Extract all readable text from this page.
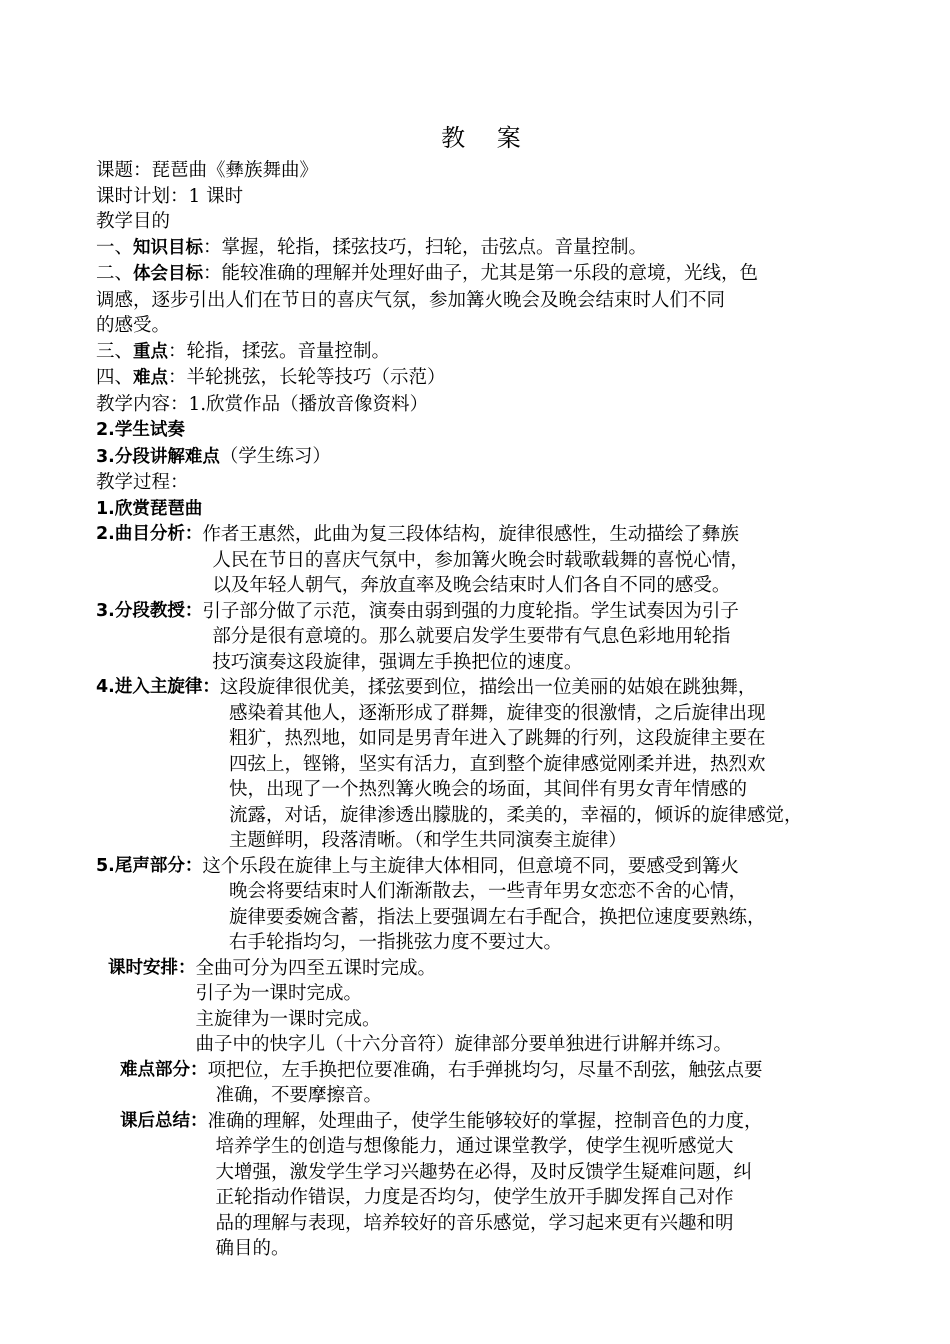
教 案
课题：琵琶曲《彝族舞曲》
课时计划：1 课时
教学目的
一、知识目标：掌握，轮指，揉弦技巧，扫轮，击弦点。音量控制。
二、体会目标：能较准确的理解并处理好曲子，尤其是第一乐段的意境，光线，色
调感，逐步引出人们在节日的喜庆气氛，参加篝火晚会及晚会结束时人们不同
的感受。
三、重点：轮指，揉弦。音量控制。
四、难点：半轮挑弦，长轮等技巧（示范）
教学内容：1.欣赏作品（播放音像资料）
2.学生试奏
3.分段讲解难点（学生练习）
教学过程：
1.欣赏琵琶曲
2.曲目分析： 作者王惠然，此曲为复三段体结构，旋律很感性，生动描绘了彝族
人民在节日的喜庆气氛中，参加篝火晚会时载歌载舞的喜悦心情，
以及年轻人朝气，奔放直率及晚会结束时人们各自不同的感受。
3.分段教授： 引子部分做了示范，演奏由弱到强的力度轮指。学生试奏因为引子
部分是很有意境的。那么就要启发学生要带有气息色彩地用轮指
技巧演奏这段旋律，强调左手换把位的速度。
4.进入主旋律： 这段旋律很优美，揉弦要到位，描绘出一位美丽的姑娘在跳独舞，
感染着其他人，逐渐形成了群舞，旋律变的很激情，之后旋律出现
粗犷，热烈地，如同是男青年进入了跳舞的行列，这段旋律主要在
四弦上，铿锵，坚实有活力，直到整个旋律感觉刚柔并进，热烈欢
快，出现了一个热烈篝火晚会的场面，其间伴有男女青年情感的
流露，对话，旋律渗透出朦胧的，柔美的，幸福的，倾诉的旋律感觉，
主题鲜明，段落清晰。（和学生共同演奏主旋律）
5.尾声部分： 这个乐段在旋律上与主旋律大体相同，但意境不同，要感受到篝火
晚会将要结束时人们渐渐散去，一些青年男女恋恋不舍的心情，
旋律要委婉含蓄，指法上要强调左右手配合，换把位速度要熟练，
右手轮指均匀，一指挑弦力度不要过大。
课时安排： 全曲可分为四至五课时完成。
引子为一课时完成。
主旋律为一课时完成。
曲子中的快字儿（十六分音符）旋律部分要单独进行讲解并练习。
难点部分： 项把位，左手换把位要准确，右手弹挑均匀，尽量不刮弦，触弦点要
准确，不要摩擦音。
课后总结： 准确的理解，处理曲子，使学生能够较好的掌握，控制音色的力度，
培养学生的创造与想像能力，通过课堂教学，使学生视听感觉大
大增强，激发学生学习兴趣势在必得，及时反馈学生疑难问题，纠
正轮指动作错误，力度是否均匀，使学生放开手脚发挥自己对作
品的理解与表现，培养较好的音乐感觉，学习起来更有兴趣和明
确目的。
